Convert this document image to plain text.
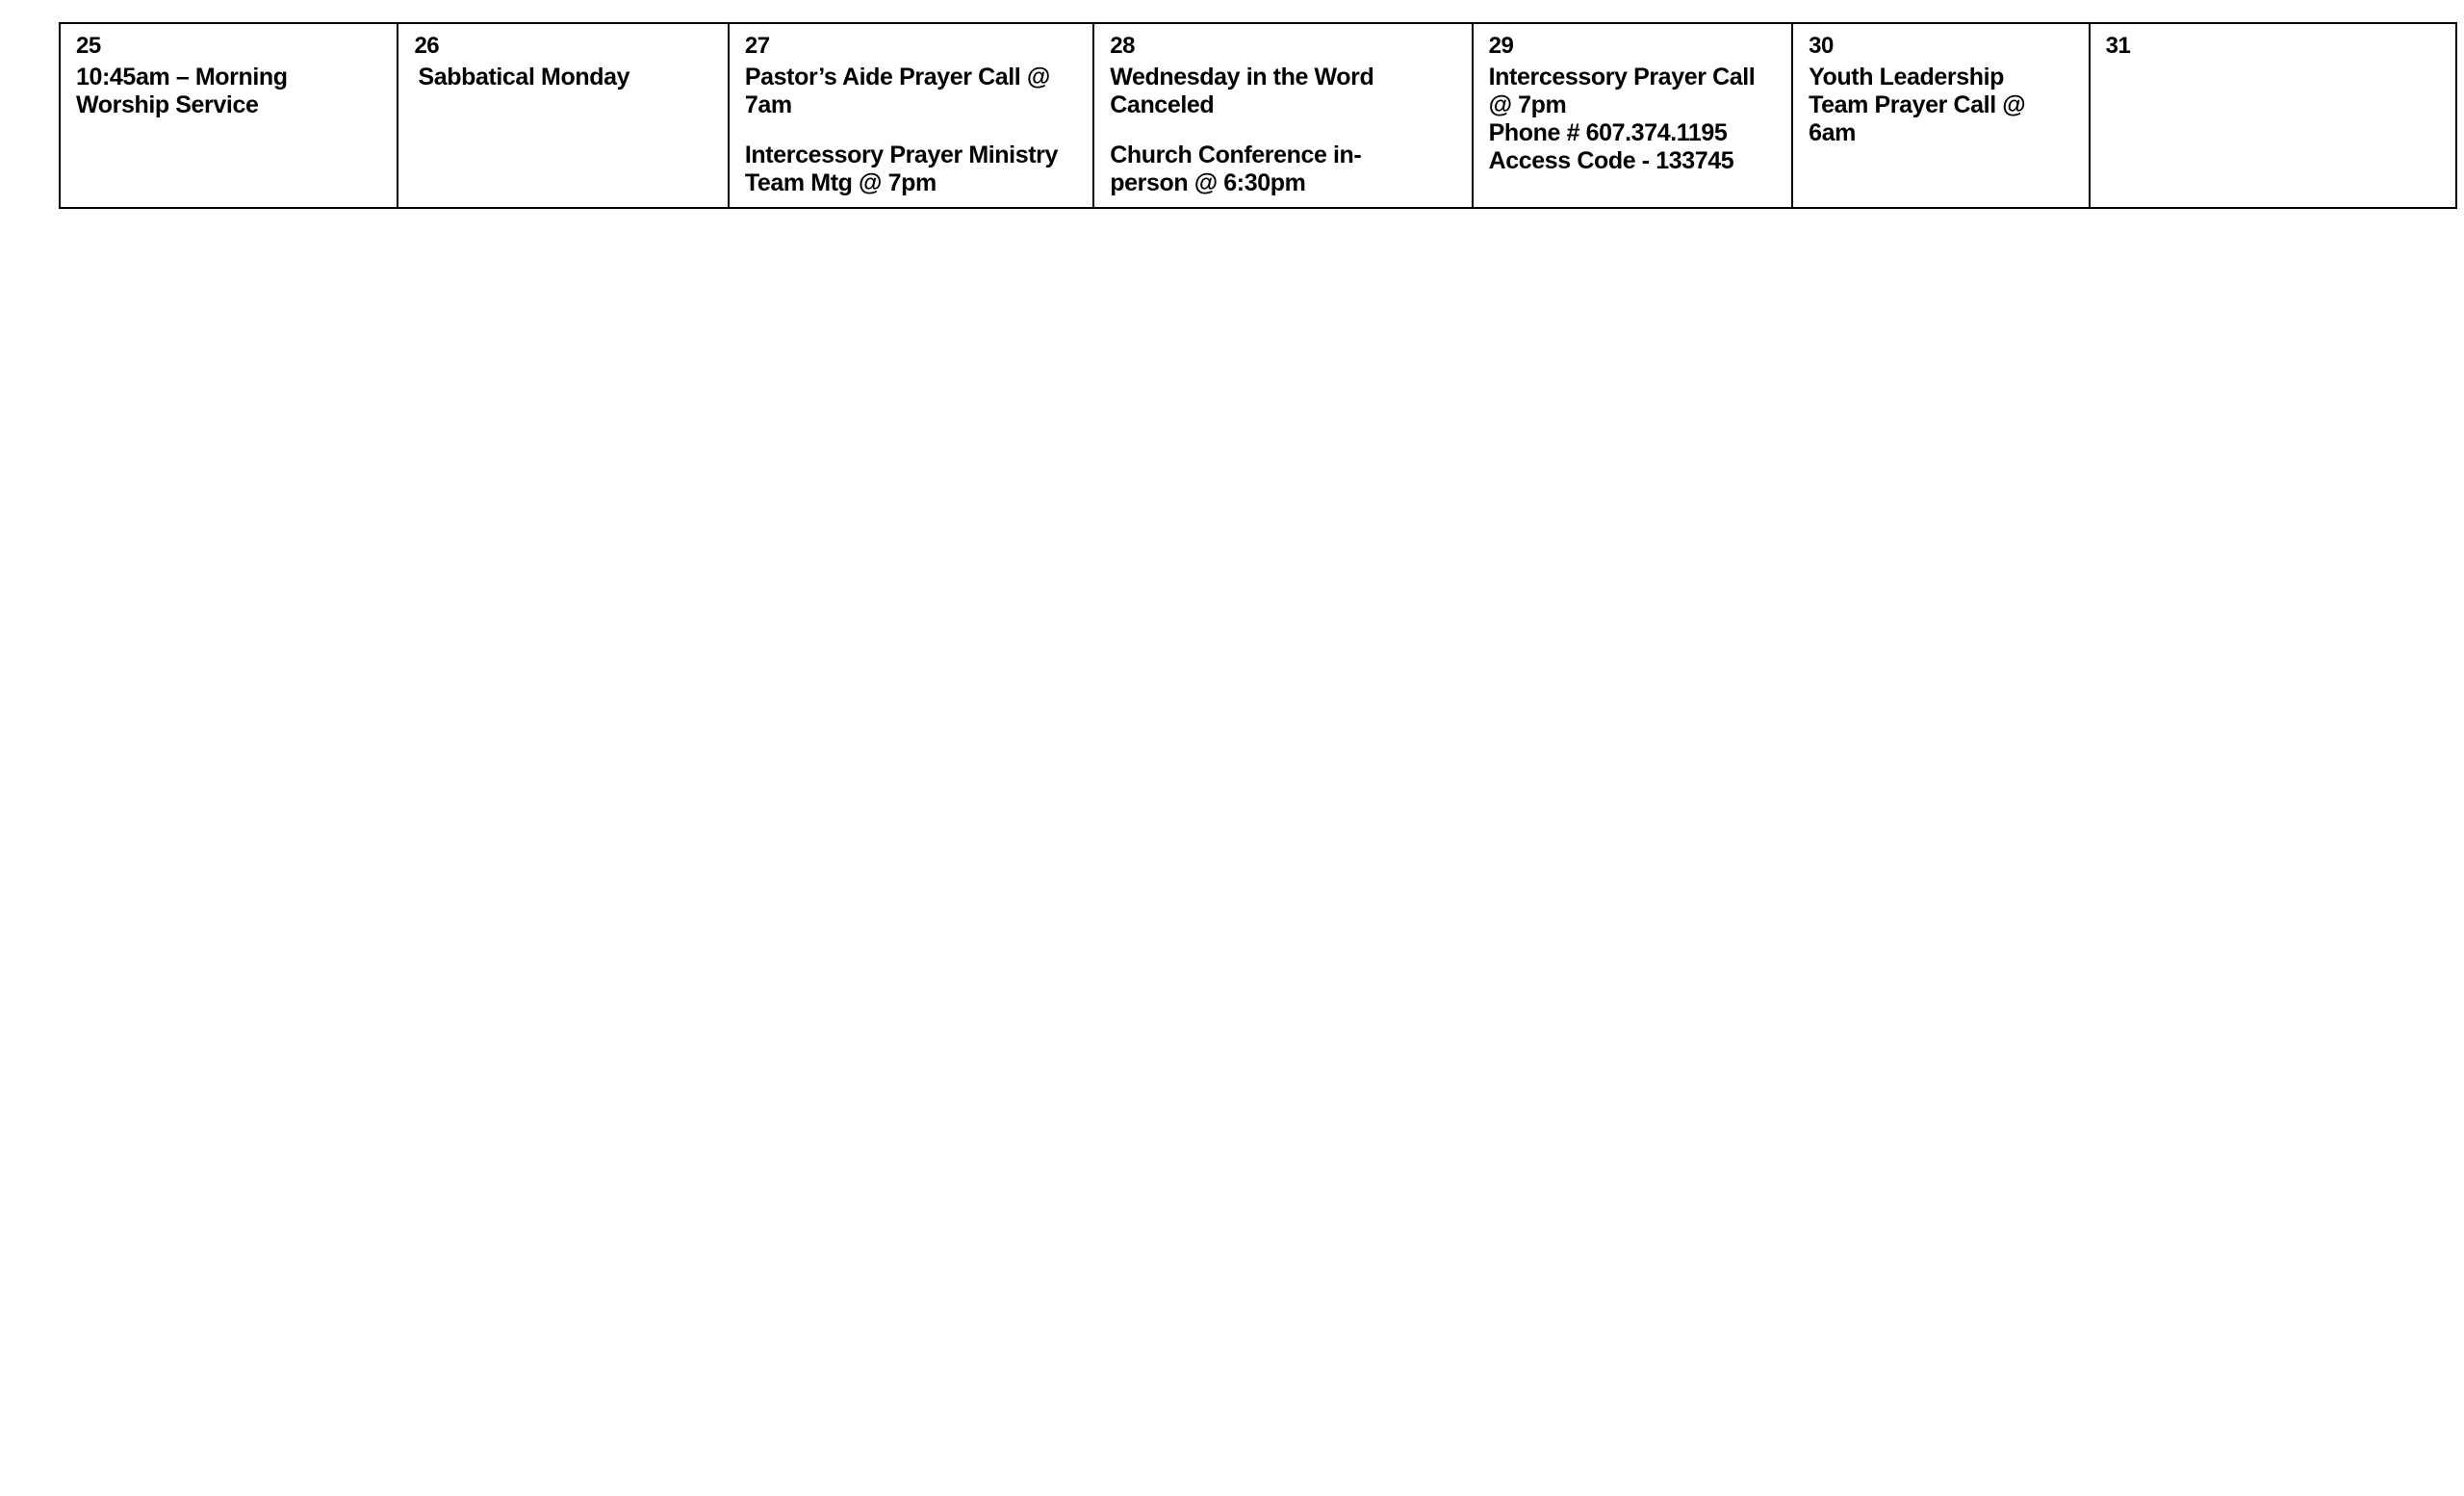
25
10:45am – Morning
Worship Service
26
Sabbatical Monday
27
Pastor’s Aide Prayer Call @
7am
Intercessory Prayer Ministry
Team Mtg @ 7pm
28
Wednesday in the Word
Canceled
Church Conference in-
person @ 6:30pm
29
Intercessory Prayer Call
@ 7pm
Phone # 607.374.1195
Access Code - 133745
30
Youth Leadership
Team Prayer Call @
6am
31
